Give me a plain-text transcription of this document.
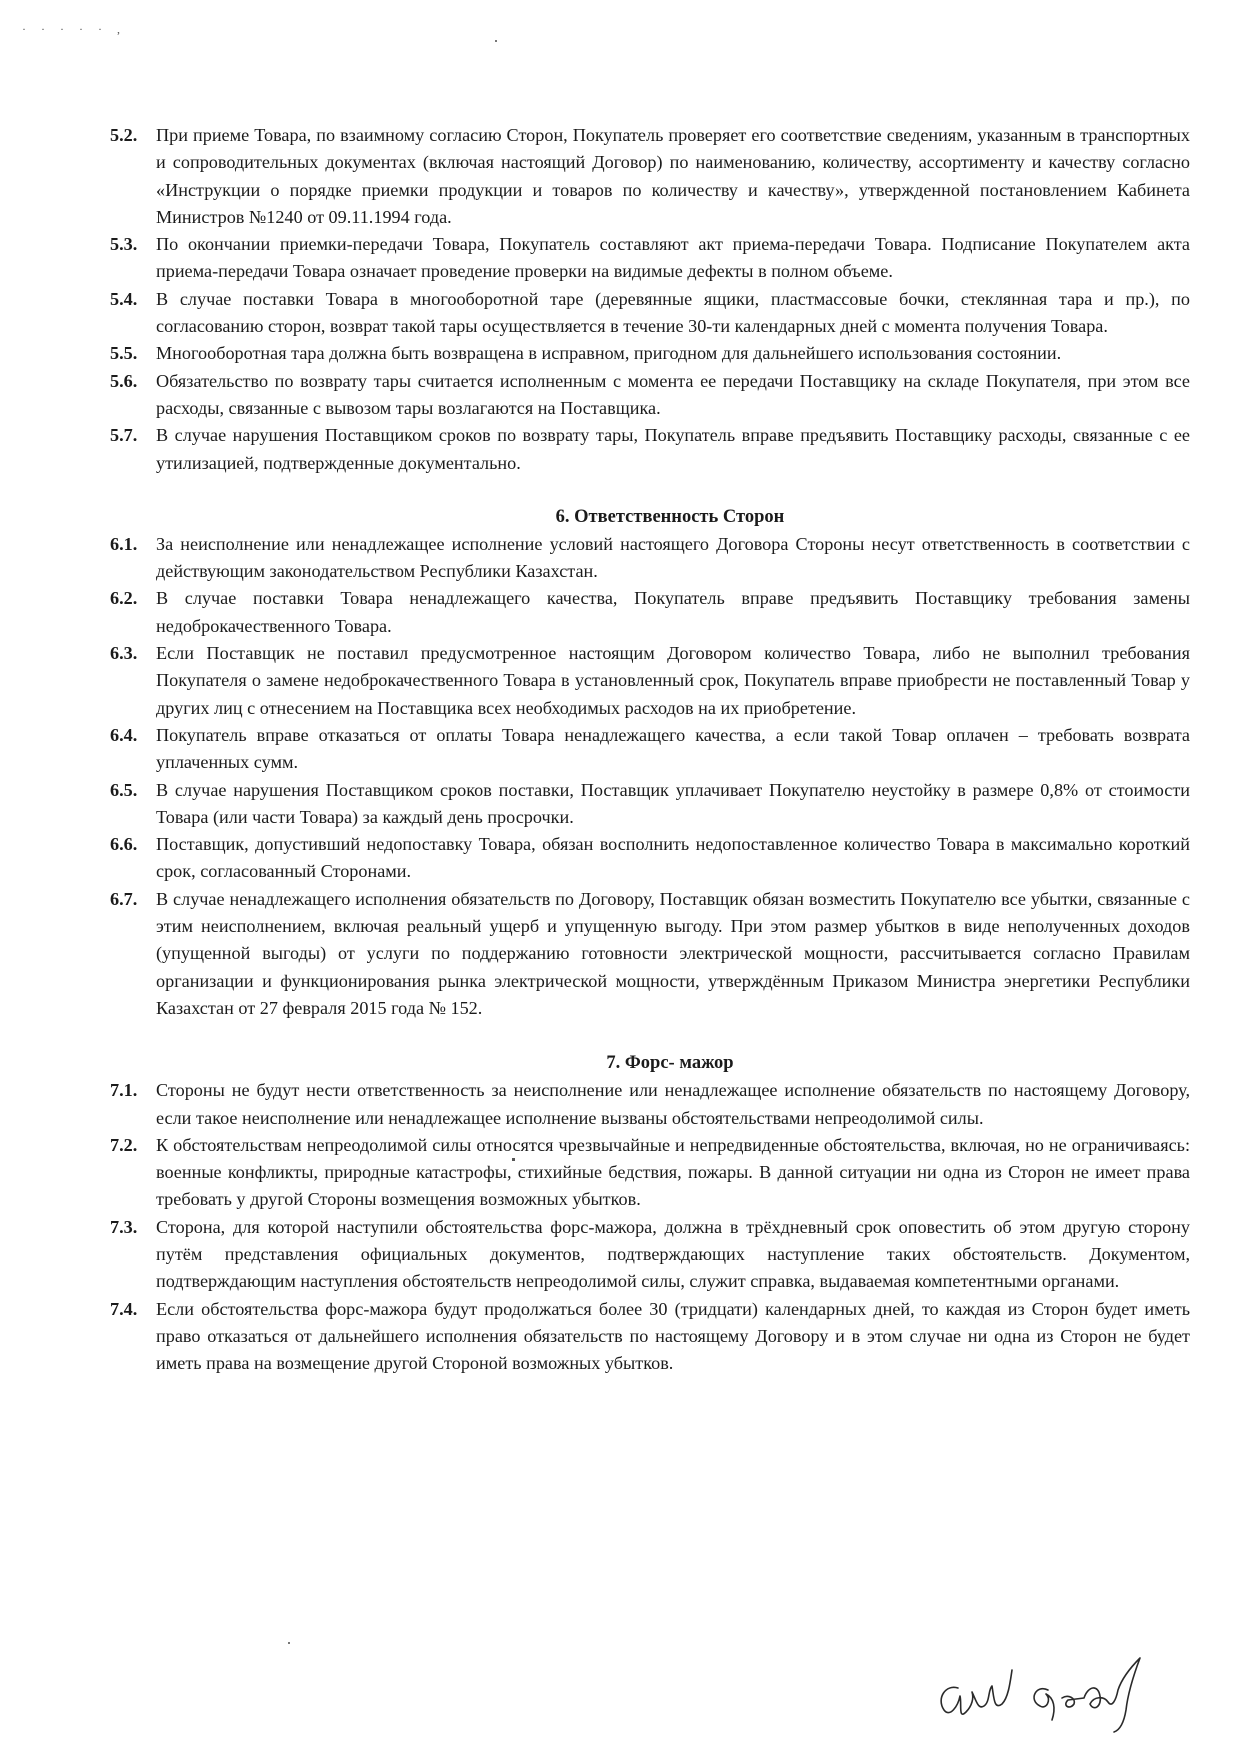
· · · · · ,
5.2.	При приеме Товара, по взаимному согласию Сторон, Покупатель проверяет его соответствие сведениям, указанным в транспортных и сопроводительных документах (включая настоящий Договор) по наименованию, количеству, ассортименту и качеству согласно «Инструкции о порядке приемки продукции и товаров по количеству и качеству», утвержденной постановлением Кабинета Министров №1240 от 09.11.1994 года.
5.3.	По окончании приемки-передачи Товара, Покупатель составляют акт приема-передачи Товара. Подписание Покупателем акта приема-передачи Товара означает проведение проверки на видимые дефекты в полном объеме.
5.4.	В случае поставки Товара в многооборотной таре (деревянные ящики, пластмассовые бочки, стеклянная тара и пр.), по согласованию сторон, возврат такой тары осуществляется в течение 30-ти календарных дней с момента получения Товара.
5.5.	Многооборотная тара должна быть возвращена в исправном, пригодном для дальнейшего использования состоянии.
5.6.	Обязательство по возврату тары считается исполненным с момента ее передачи Поставщику на складе Покупателя, при этом все расходы, связанные с вывозом тары возлагаются на Поставщика.
5.7.	В случае нарушения Поставщиком сроков по возврату тары, Покупатель вправе предъявить Поставщику расходы, связанные с ее утилизацией, подтвержденные документально.
6. Ответственность Сторон
6.1.	За неисполнение или ненадлежащее исполнение условий настоящего Договора Стороны несут ответственность в соответствии с действующим законодательством Республики Казахстан.
6.2.	В случае поставки Товара ненадлежащего качества, Покупатель вправе предъявить Поставщику требования замены недоброкачественного Товара.
6.3.	Если Поставщик не поставил предусмотренное настоящим Договором количество Товара, либо не выполнил требования Покупателя о замене недоброкачественного Товара в установленный срок, Покупатель вправе приобрести не поставленный Товар у других лиц с отнесением на Поставщика всех необходимых расходов на их приобретение.
6.4.	Покупатель вправе отказаться от оплаты Товара ненадлежащего качества, а если такой Товар оплачен – требовать возврата уплаченных сумм.
6.5.	В случае нарушения Поставщиком сроков поставки, Поставщик уплачивает Покупателю неустойку в размере 0,8% от стоимости Товара (или части Товара) за каждый день просрочки.
6.6.	Поставщик, допустивший недопоставку Товара, обязан восполнить недопоставленное количество Товара в максимально короткий срок, согласованный Сторонами.
6.7.	В случае ненадлежащего исполнения обязательств по Договору, Поставщик обязан возместить Покупателю все убытки, связанные с этим неисполнением, включая реальный ущерб и упущенную выгоду. При этом размер убытков в виде неполученных доходов (упущенной выгоды) от услуги по поддержанию готовности электрической мощности, рассчитывается согласно Правилам организации и функционирования рынка электрической мощности, утверждённым Приказом Министра энергетики Республики Казахстан от 27 февраля 2015 года № 152.
7. Форс- мажор
7.1.	Стороны не будут нести ответственность за неисполнение или ненадлежащее исполнение обязательств по настоящему Договору, если такое неисполнение или ненадлежащее исполнение вызваны обстоятельствами непреодолимой силы.
7.2.	К обстоятельствам непреодолимой силы относятся чрезвычайные и непредвиденные обстоятельства, включая, но не ограничиваясь: военные конфликты, природные катастрофы, стихийные бедствия, пожары. В данной ситуации ни одна из Сторон не имеет права требовать у другой Стороны возмещения возможных убытков.
7.3.	Сторона, для которой наступили обстоятельства форс-мажора, должна в трёхдневный срок оповестить об этом другую сторону путём представления официальных документов, подтверждающих наступление таких обстоятельств. Документом, подтверждающим наступления обстоятельств непреодолимой силы, служит справка, выдаваемая компетентными органами.
7.4.	Если обстоятельства форс-мажора будут продолжаться более 30 (тридцати) календарных дней, то каждая из Сторон будет иметь право отказаться от дальнейшего исполнения обязательств по настоящему Договору и в этом случае ни одна из Сторон не будет иметь права на возмещение другой Стороной возможных убытков.
